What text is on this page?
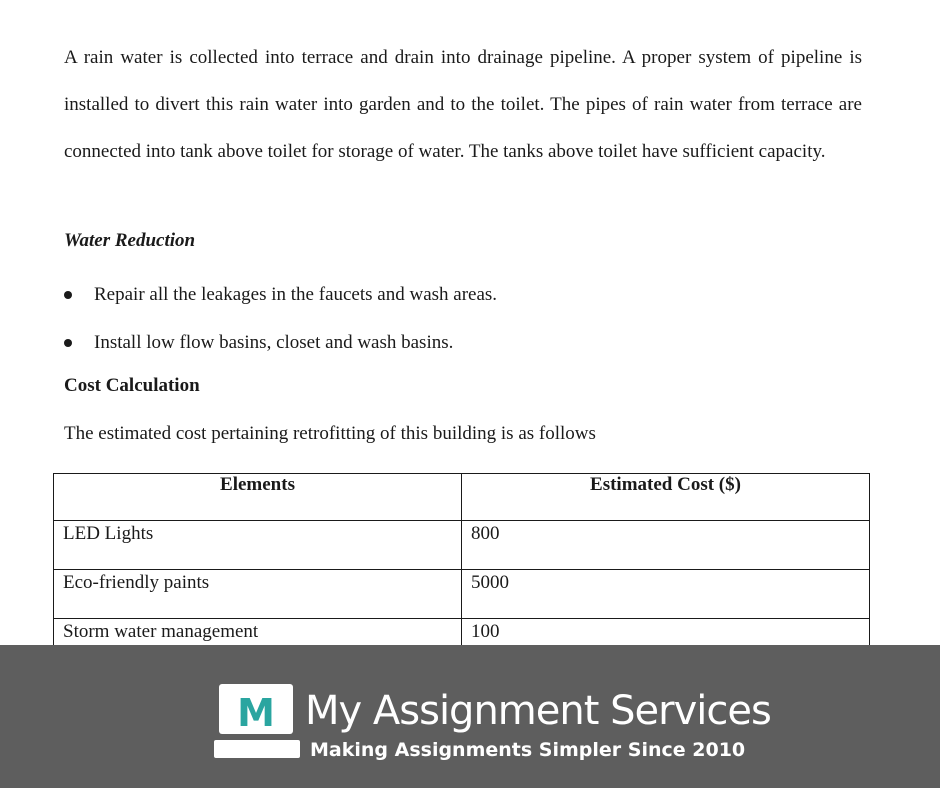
A rain water is collected into terrace and drain into drainage pipeline. A proper system of pipeline is installed to divert this rain water into garden and to the toilet. The pipes of rain water from terrace are connected into tank above toilet for storage of water. The tanks above toilet have sufficient capacity.

Water Reduction

Repair all the leakages in the faucets and wash areas.
Install low flow basins, closet and wash basins.

Cost Calculation

The estimated cost pertaining retrofitting of this building is as follows

Elements	Estimated Cost ($)
LED Lights	800
Eco-friendly paints	5000
Storm water management	100
M My Assignment Services

Making Assignments Simpler Since 2010
